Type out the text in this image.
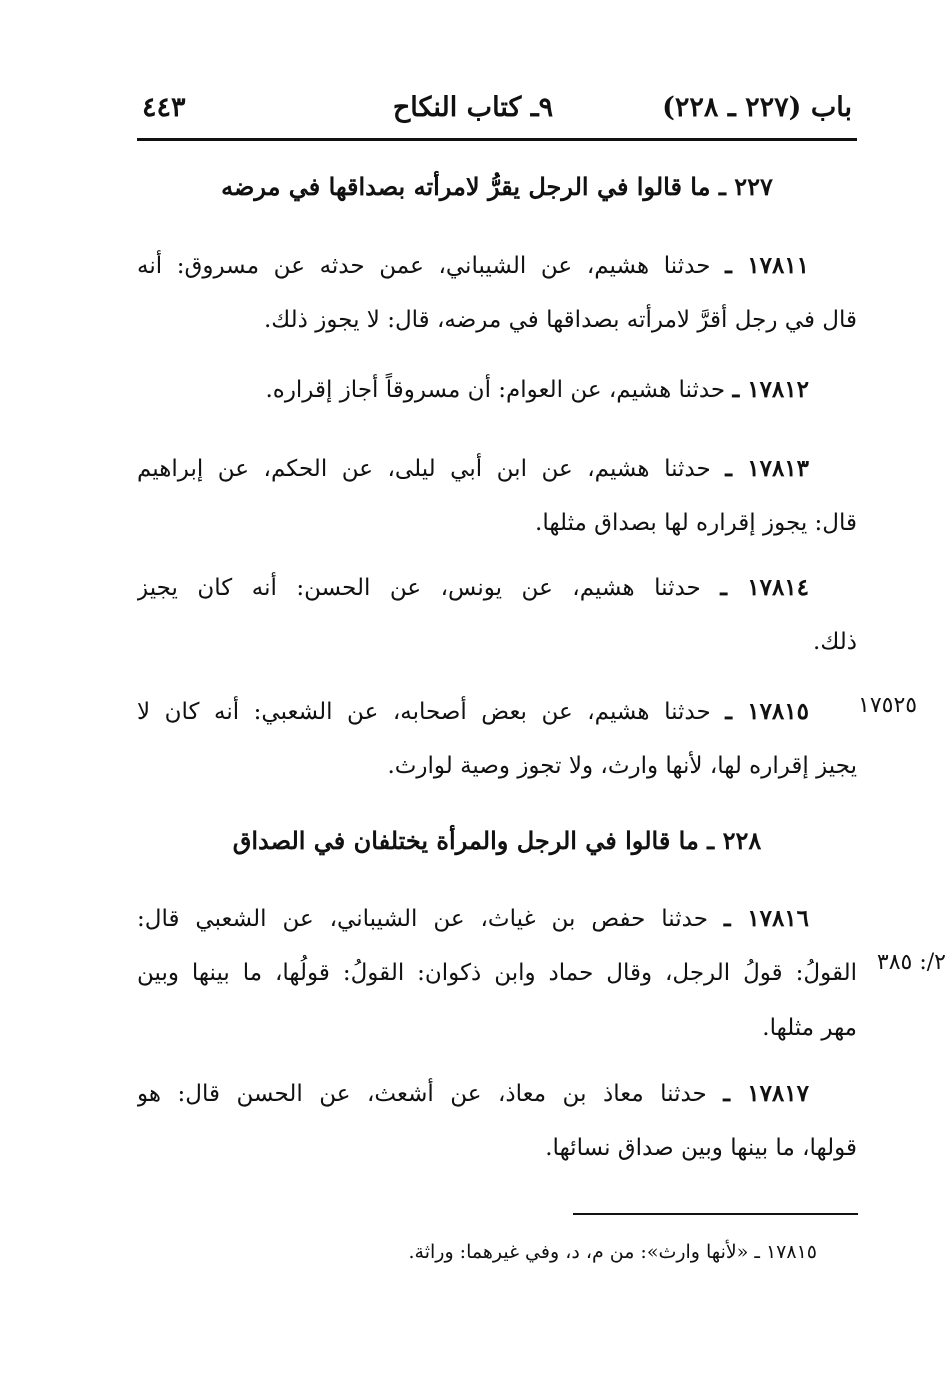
٤٤٣	٩ـ كتاب النكاح	باب (٢٢٧ ـ ٢٢٨)
٢٢٧ ـ ما قالوا في الرجل يقرُّ لامرأته بصداقها في مرضه
١٧٨١١ ـ حدثنا هشيم، عن الشيباني، عمن حدثه عن مسروق: أنه
قال في رجل أقرَّ لامرأته بصداقها في مرضه، قال: لا يجوز ذلك.
١٧٨١٢ ـ حدثنا هشيم، عن العوام: أن مسروقاً أجاز إقراره.
١٧٨١٣ ـ حدثنا هشيم، عن ابن أبي ليلى، عن الحكم، عن إبراهيم
قال: يجوز إقراره لها بصداق مثلها.
١٧٨١٤ ـ حدثنا هشيم، عن يونس، عن الحسن: أنه كان يجيز
ذلك.
١٧٥٢٥
١٧٨١٥ ـ حدثنا هشيم، عن بعض أصحابه، عن الشعبي: أنه كان لا
يجيز إقراره لها، لأنها وارث، ولا تجوز وصية لوارث.
٢٢٨ ـ ما قالوا في الرجل والمرأة يختلفان في الصداق
٢/: ٣٨٥
١٧٨١٦ ـ حدثنا حفص بن غياث، عن الشيباني، عن الشعبي قال:
القولُ: قولُ الرجل، وقال حماد وابن ذكوان: القولُ: قولُها، ما بينها وبين
مهر مثلها.
١٧٨١٧ ـ حدثنا معاذ بن معاذ، عن أشعث، عن الحسن قال: هو
قولها، ما بينها وبين صداق نسائها.
١٧٨١٥ ـ «لأنها وارث»: من م، د، وفي غيرهما: وراثة.
